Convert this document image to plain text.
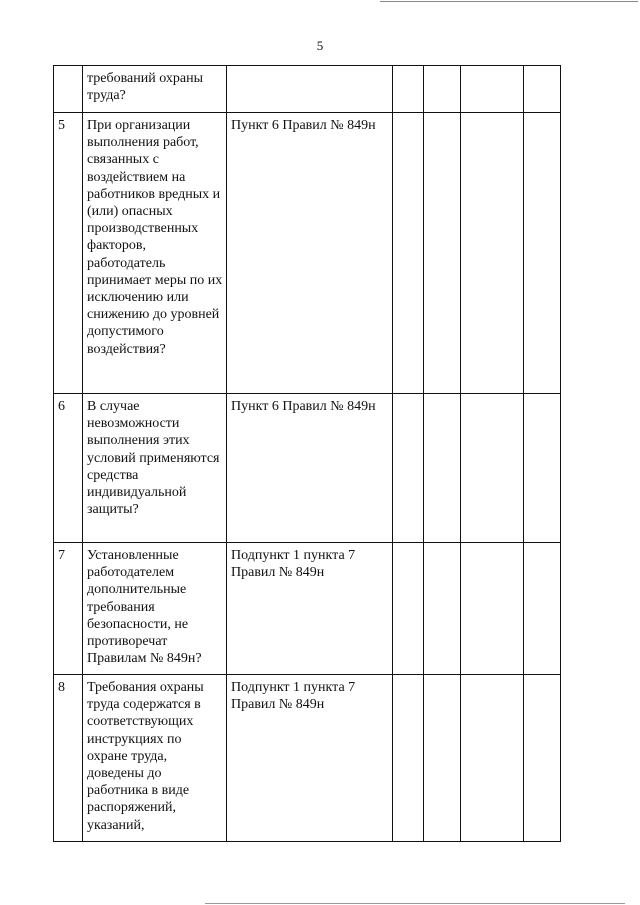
5
	требований охраны труда?					
5	При организации выполнения работ, связанных с воздействием на работников вредных и (или) опасных производственных факторов, работодатель принимает меры по их исключению или снижению до уровней допустимого воздействия?	Пункт 6 Правил № 849н				
6	В случае невозможности выполнения этих условий применяются средства индивидуальной защиты?	Пункт 6 Правил № 849н				
7	Установленные работодателем дополнительные требования безопасности, не противоречат Правилам № 849н?	Подпункт 1 пункта 7 Правил № 849н				
8	Требования охраны труда содержатся в соответствующих инструкциях по охране труда, доведены до работника в виде распоряжений, указаний,	Подпункт 1 пункта 7 Правил № 849н				
